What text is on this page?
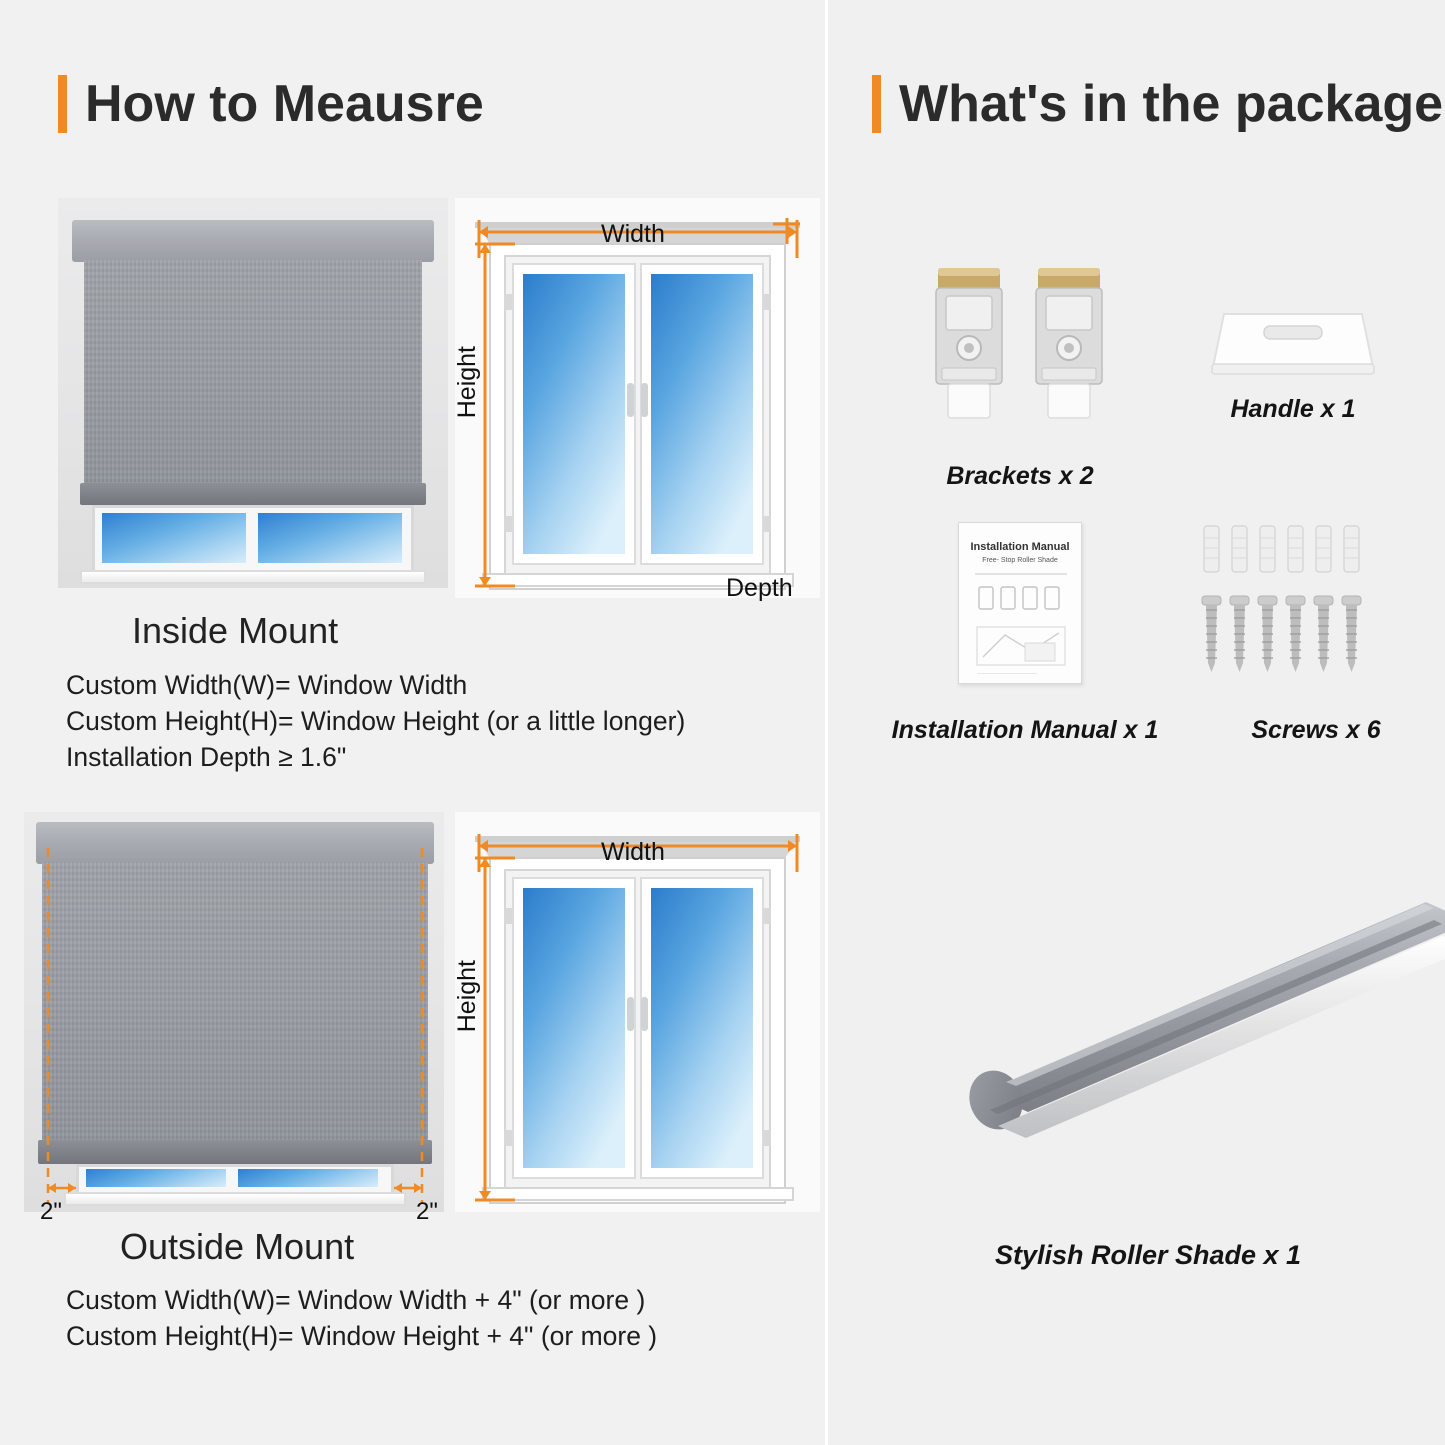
How to Meausre
Width
Height
Depth
Inside Mount
Custom Width(W)= Window Width
Custom Height(H)= Window Height (or a little longer)
Installation Depth ≥ 1.6"
2"	2"
Width
Height
Outside Mount
Custom Width(W)= Window Width + 4" (or more )
Custom Height(H)= Window Height + 4" (or more )
What's in the package
Brackets x 2
Handle x 1
Installation Manual
Free- Stop Roller Shade
Installation Manual x 1	Screws x 6
Stylish Roller Shade x 1
